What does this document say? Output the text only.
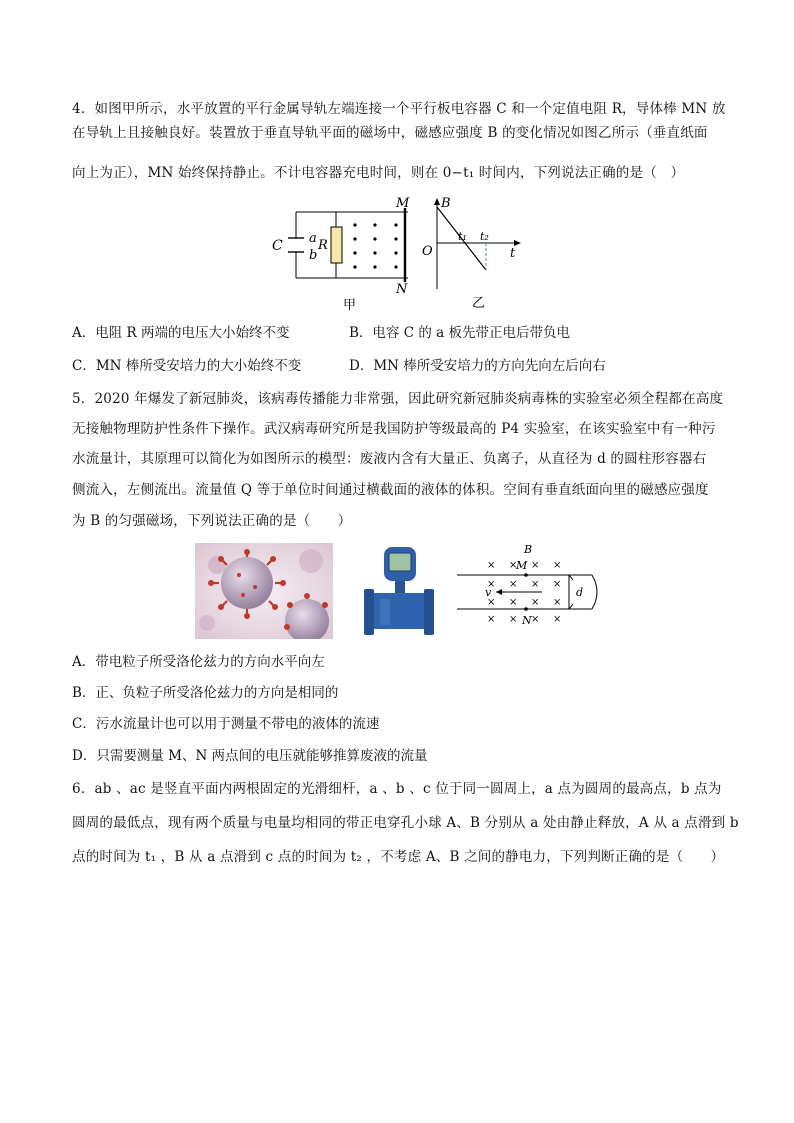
4．如图甲所示，水平放置的平行金属导轨左端连接一个平行板电容器 C 和一个定值电阻 R，导体棒 MN 放
在导轨上且接触良好。装置放于垂直导轨平面的磁场中，磁感应强度 B 的变化情况如图乙所示（垂直纸面
向上为正），MN 始终保持静止。不计电容器充电时间，则在 0−t₁ 时间内，下列说法正确的是（　）
C a
b
R
M
N
甲
B
O
t₁ t₂
t
乙
A．电阻 R 两端的电压大小始终不变	B．电容 C 的 a 板先带正电后带负电
C．MN 棒所受安培力的大小始终不变	D．MN 棒所受安培力的方向先向左后向右
5．2020 年爆发了新冠肺炎，该病毒传播能力非常强，因此研究新冠肺炎病毒株的实验室必须全程都在高度
无接触物理防护性条件下操作。武汉病毒研究所是我国防护等级最高的 P4 实验室，在该实验室中有一种污
水流量计，其原理可以简化为如图所示的模型：废液内含有大量正、负离子，从直径为 d 的圆柱形容器右
侧流入，左侧流出。流量值 Q 等于单位时间通过横截面的液体的体积。空间有垂直纸面向里的磁感应强度
为 B 的匀强磁场，下列说法正确的是（　　）
× × × ×
× × × ×
× × × ×
× × × ×
B
M
N
v	d
A．带电粒子所受洛伦兹力的方向水平向左
B．正、负粒子所受洛伦兹力的方向是相同的
C．污水流量计也可以用于测量不带电的液体的流速
D．只需要测量 M、N 两点间的电压就能够推算废液的流量
6．ab 、ac 是竖直平面内两根固定的光滑细杆，a 、b 、c 位于同一圆周上，a 点为圆周的最高点，b 点为
圆周的最低点，现有两个质量与电量均相同的带正电穿孔小球 A、B 分别从 a 处由静止释放，A 从 a 点滑到 b
点的时间为 t₁ ，B 从 a 点滑到 c 点的时间为 t₂ ，不考虑 A、B 之间的静电力，下列判断正确的是（　　）
